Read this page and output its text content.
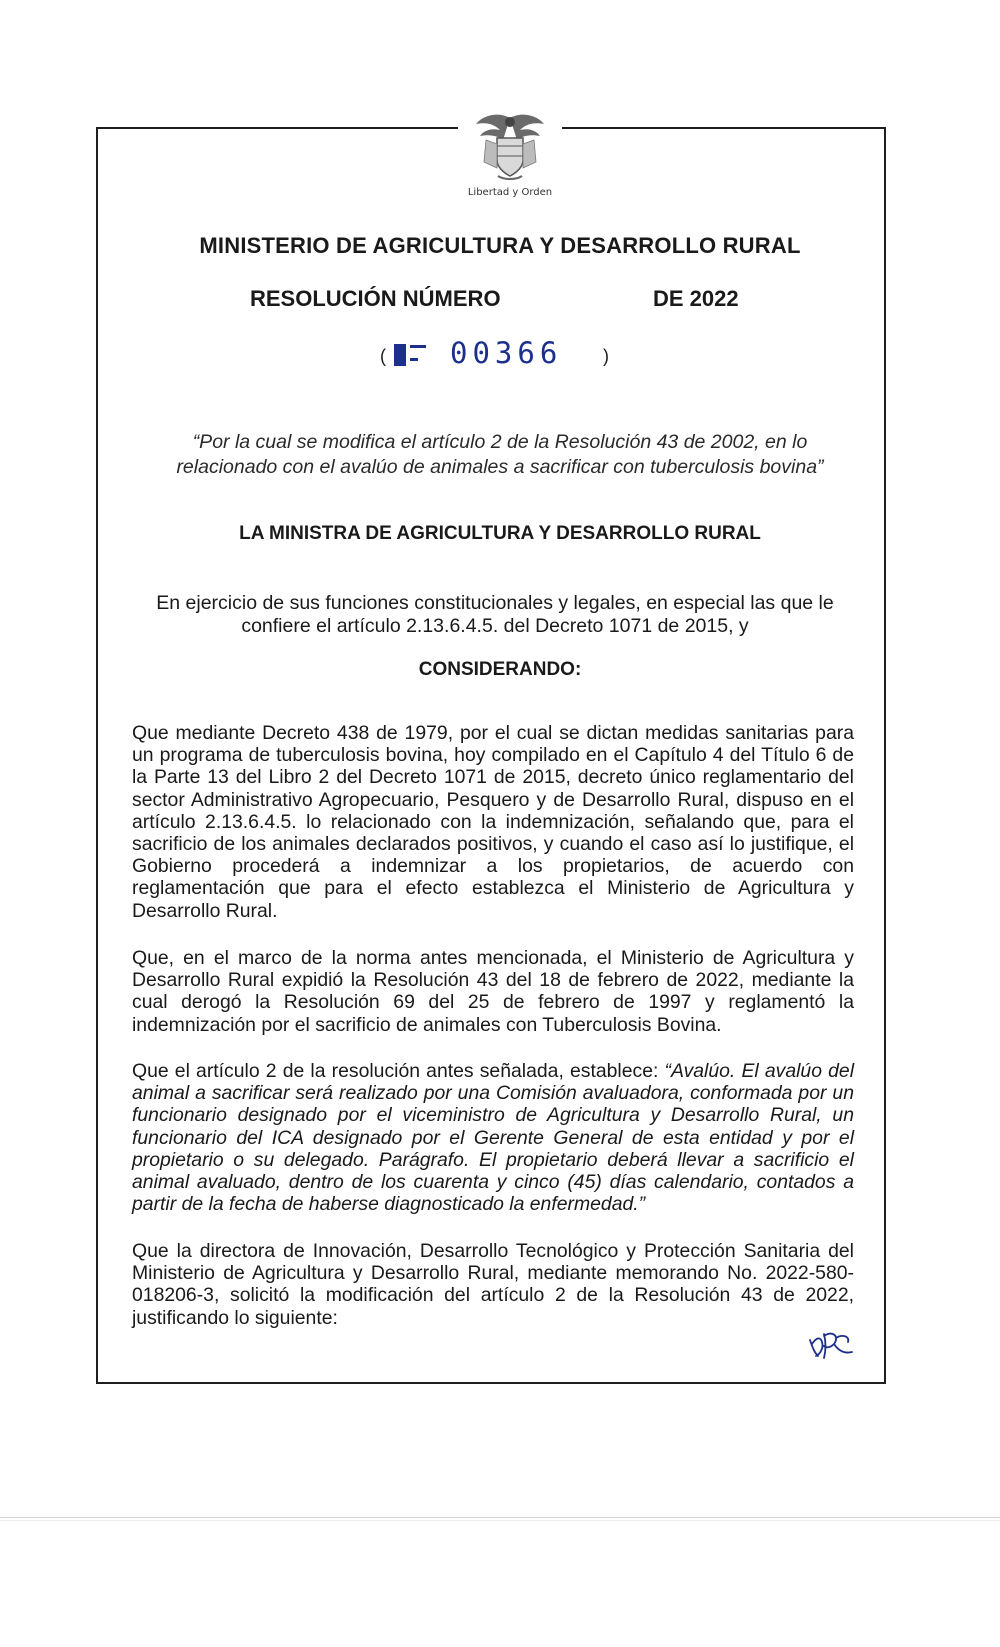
Libertad y Orden
MINISTERIO DE AGRICULTURA Y DESARROLLO RURAL
RESOLUCIÓN NÚMERO	DE 2022
( 00366 )
“Por la cual se modifica el artículo 2 de la Resolución 43 de 2002, en lo
relacionado con el avalúo de animales a sacrificar con tuberculosis bovina”
LA MINISTRA DE AGRICULTURA Y DESARROLLO RURAL
En ejercicio de sus funciones constitucionales y legales, en especial las que le
confiere el artículo 2.13.6.4.5. del Decreto 1071 de 2015, y
CONSIDERANDO:
Que mediante Decreto 438 de 1979, por el cual se dictan medidas sanitarias para un programa de tuberculosis bovina, hoy compilado en el Capítulo 4 del Título 6 de la Parte 13 del Libro 2 del Decreto 1071 de 2015, decreto único reglamentario del sector Administrativo Agropecuario, Pesquero y de Desarrollo Rural, dispuso en el artículo 2.13.6.4.5. lo relacionado con la indemnización, señalando que, para el sacrificio de los animales declarados positivos, y cuando el caso así lo justifique, el Gobierno procederá a indemnizar a los propietarios, de acuerdo con reglamentación que para el efecto establezca el Ministerio de Agricultura y Desarrollo Rural.
Que, en el marco de la norma antes mencionada, el Ministerio de Agricultura y Desarrollo Rural expidió la Resolución 43 del 18 de febrero de 2022, mediante la cual derogó la Resolución 69 del 25 de febrero de 1997 y reglamentó la indemnización por el sacrificio de animales con Tuberculosis Bovina.
Que el artículo 2 de la resolución antes señalada, establece: “Avalúo. El avalúo del animal a sacrificar será realizado por una Comisión avaluadora, conformada por un funcionario designado por el viceministro de Agricultura y Desarrollo Rural, un funcionario del ICA designado por el Gerente General de esta entidad y por el propietario o su delegado. Parágrafo. El propietario deberá llevar a sacrificio el animal avaluado, dentro de los cuarenta y cinco (45) días calendario, contados a partir de la fecha de haberse diagnosticado la enfermedad.”
Que la directora de Innovación, Desarrollo Tecnológico y Protección Sanitaria del Ministerio de Agricultura y Desarrollo Rural, mediante memorando No. 2022-580-018206-3, solicitó la modificación del artículo 2 de la Resolución 43 de 2022, justificando lo siguiente:
